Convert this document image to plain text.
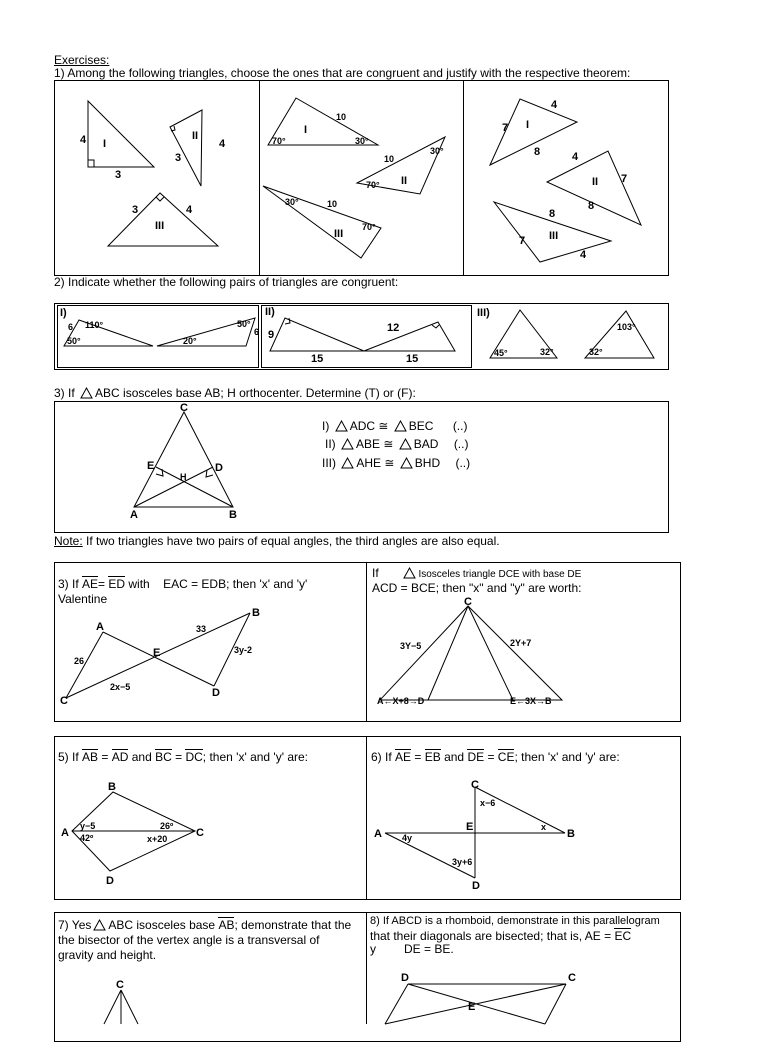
Exercises:
1) Among the following triangles, choose the ones that are congruent and justify with the respective theorem:
4 I
3
II
4
3
3	4
III
I
10
70°	30°
10
30°
70° II
30°	10
70°
III
4
7 I
8	4
7
II
8
8
III
7
4
2) Indicate whether the following pairs of triangles are congruent:
I)
6 110°
50°	20°
50°
6
II)
9
15
12
15
III)
45°	32°
103°
32°
3) If ABC isosceles base AB; H orthocenter. Determine (T) or (F):
C
E	D
H
A	B
I) ADC ≅ BEC (..)
II) ABE ≅ BAD (..)
III) AHE ≅ BHD (..)
Note: If two triangles have two pairs of equal angles, the third angles are also equal.
3) If AE= ED with EAC = EDB; then 'x' and 'y'
Valentine
A
B
E
C
D
33
26
3y-2
2x−5
If	Isosceles triangle DCE with base DE
ACD = BCE; then "x" and "y" are worth:
C
3Y−5	2Y+7
A←X+8→D	E←3X→B
5) If AB = AD and BC = DC; then 'x' and 'y' are:
B
A	C
D
y−5
42º
26º
x+20
6) If AE = EB and DE = CE; then 'x' and 'y' are:
C
A	B
E
D
x−6
4y
x
3y+6
7) Yes ABC isosceles base AB; demonstrate that the
the bisector of the vertex angle is a transversal of
gravity and height.
C
8) If ABCD is a rhomboid, demonstrate in this parallelogram
that their diagonals are bisected; that is, AE = EC
y DE = BE.
D	C
E
